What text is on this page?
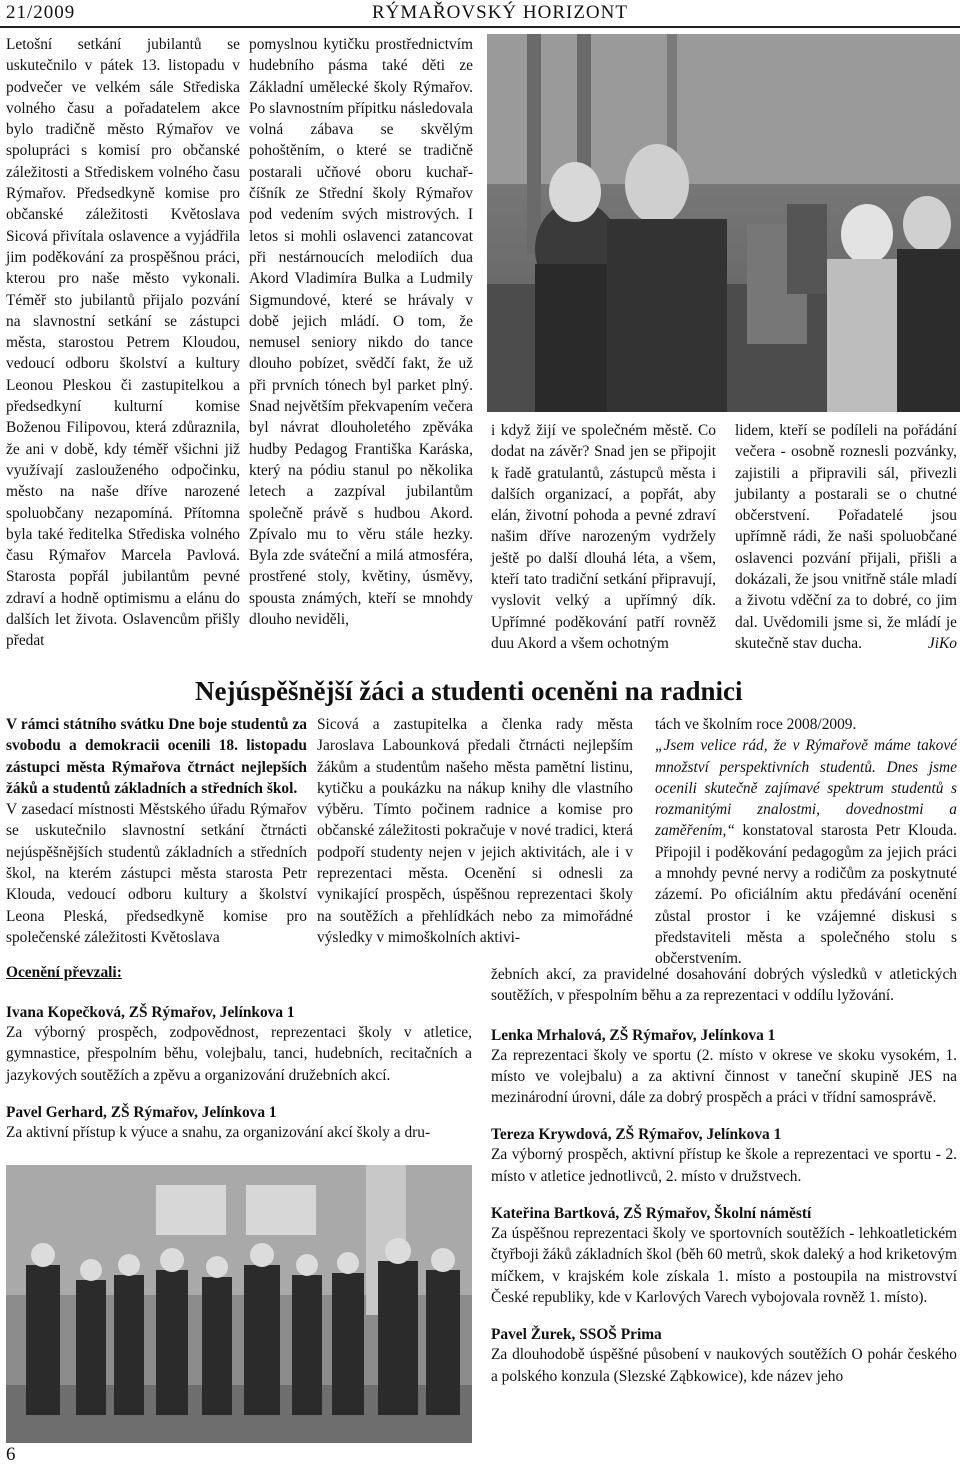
21/2009	RÝMAŘOVSKÝ HORIZONT

Letošní setkání jubilantů se uskutečnilo v pátek 13. listopadu v podvečer ve velkém sále Střediska volného času a pořadatelem akce bylo tradičně město Rýmařov ve spolupráci s komisí pro občanské záležitosti a Střediskem volného času Rýmařov. Předsedkyně komise pro občanské záležitosti Květoslava Sicová přivítala oslavence a vyjádřila jim poděkování za prospěšnou práci, kterou pro naše město vykonali. Téměř sto jubilantů přijalo pozvání na slavnostní setkání se zástupci města, starostou Petrem Kloudou, vedoucí odboru školství a kultury Leonou Pleskou či zastupitelkou a předsedkyní kulturní komise Boženou Filipovou, která zdůraznila, že ani v době, kdy téměř všichni již využívají zaslouženého odpočinku, město na naše dříve narozené spoluobčany nezapomíná. Přítomna byla také ředitelka Střediska volného času Rýmařov Marcela Pavlová. Starosta popřál jubilantům pevné zdraví a hodně optimismu a elánu do dalších let života. Oslavencům přišly předat

pomyslnou kytičku prostřednictvím hudebního pásma také děti ze Základní umělecké školy Rýmařov. Po slavnostním přípitku následovala volná zábava se skvělým pohoštěním, o které se tradičně postarali učňové oboru kuchař-číšník ze Střední školy Rýmařov pod vedením svých mistrových. I letos si mohli oslavenci zatancovat při nestárnoucích melodiích dua Akord Vladimíra Bulka a Ludmily Sigmundové, které se hrávaly v době jejich mládí. O tom, že nemusel seniory nikdo do tance dlouho pobízet, svědčí fakt, že už při prvních tónech byl parket plný. Snad největším překvapením večera byl návrat dlouholetého zpěváka hudby Pedagog Františka Karáska, který na pódiu stanul po několika letech a zazpíval jubilantům společně právě s hudbou Akord. Zpívalo mu to věru stále hezky. Byla zde sváteční a milá atmosféra, prostřené stoly, květiny, úsměvy, spousta známých, kteří se mnohdy dlouho neviděli,

i když žijí ve společném městě. Co dodat na závěr? Snad jen se připojit k řadě gratulantů, zástupců města i dalších organizací, a popřát, aby elán, životní pohoda a pevné zdraví našim dříve narozeným vydržely ještě po další dlouhá léta, a všem, kteří tato tradiční setkání připravují, vyslovit velký a upřímný dík. Upřímné poděkování patří rovněž duu Akord a všem ochotným

lidem, kteří se podíleli na pořádání večera - osobně roznesli pozvánky, zajistili a připravili sál, přivezli jubilanty a postarali se o chutné občerstvení. Pořadatelé jsou upřímně rádi, že naši spoluobčané oslavenci pozvání přijali, přišli a dokázali, že jsou vnitřně stále mladí a životu vděční za to dobré, co jim dal. Uvědomili jsme si, že mládí je skutečně stav ducha.	JiKo

Nejúspěšnější žáci a studenti oceněni na radnici

V rámci státního svátku Dne boje studentů za svobodu a demokracii ocenili 18. listopadu zástupci města Rýmařova čtrnáct nejlepších žáků a studentů základních a středních škol.

V zasedací místnosti Městského úřadu Rýmařov se uskutečnilo slavnostní setkání čtrnácti nejúspěšnějších studentů základních a středních škol, na kterém zástupci města starosta Petr Klouda, vedoucí odboru kultury a školství Leona Pleská, předsedkyně komise pro společenské záležitosti Květoslava

Sicová a zastupitelka a členka rady města Jaroslava Labounková předali čtrnácti nejlepším žákům a studentům našeho města pamětní listinu, kytičku a poukázku na nákup knihy dle vlastního výběru. Tímto počinem radnice a komise pro občanské záležitosti pokračuje v nové tradici, která podpoří studenty nejen v jejich aktivitách, ale i v reprezentaci města. Ocenění si odnesli za vynikající prospěch, úspěšnou reprezentaci školy na soutěžích a přehlídkách nebo za mimořádné výsledky v mimoškolních aktivi-

tách ve školním roce 2008/2009.
„Jsem velice rád, že v Rýmařově máme takové množství perspektivních studentů. Dnes jsme ocenili skutečně zajímavé spektrum studentů s rozmanitými znalostmi, dovednostmi a zaměřením,“ konstatoval starosta Petr Klouda. Připojil i poděkování pedagogům za jejich práci a mnohdy pevné nervy a rodičům za poskytnuté zázemí. Po oficiálním aktu předávání ocenění zůstal prostor i ke vzájemné diskusi s představiteli města a společného stolu s občerstvením.

Ocenění převzali:

Ivana Kopečková, ZŠ Rýmařov, Jelínkova 1

Za výborný prospěch, zodpovědnost, reprezentaci školy v atletice, gymnastice, přespolním běhu, volejbalu, tanci, hudebních, recitačních a jazykových soutěžích a zpěvu a organizování družebních akcí.

Pavel Gerhard, ZŠ Rýmařov, Jelínkova 1

Za aktivní přístup k výuce a snahu, za organizování akcí školy a dru-

žebních akcí, za pravidelné dosahování dobrých výsledků v atletických soutěžích, v přespolním běhu a za reprezentaci v oddílu lyžování.

Lenka Mrhalová, ZŠ Rýmařov, Jelínkova 1

Za reprezentaci školy ve sportu (2. místo v okrese ve skoku vysokém, 1. místo ve volejbalu) a za aktivní činnost v taneční skupině JES na mezinárodní úrovni, dále za dobrý prospěch a práci v třídní samosprávě.

Tereza Krywdová, ZŠ Rýmařov, Jelínkova 1

Za výborný prospěch, aktivní přístup ke škole a reprezentaci ve sportu - 2. místo v atletice jednotlivců, 2. místo v družstvech.

Kateřina Bartková, ZŠ Rýmařov, Školní náměstí

Za úspěšnou reprezentaci školy ve sportovních soutěžích - lehkoatletickém čtyřboji žáků základních škol (běh 60 metrů, skok daleký a hod kriketovým míčkem, v krajském kole získala 1. místo a postoupila na mistrovství České republiky, kde v Karlových Varech vybojovala rovněž 1. místo).

Pavel Žurek, SSOŠ Prima

Za dlouhodobě úspěšné působení v naukových soutěžích O pohár českého a polského konzula (Slezské Ząbkowice), kde název jeho

6
